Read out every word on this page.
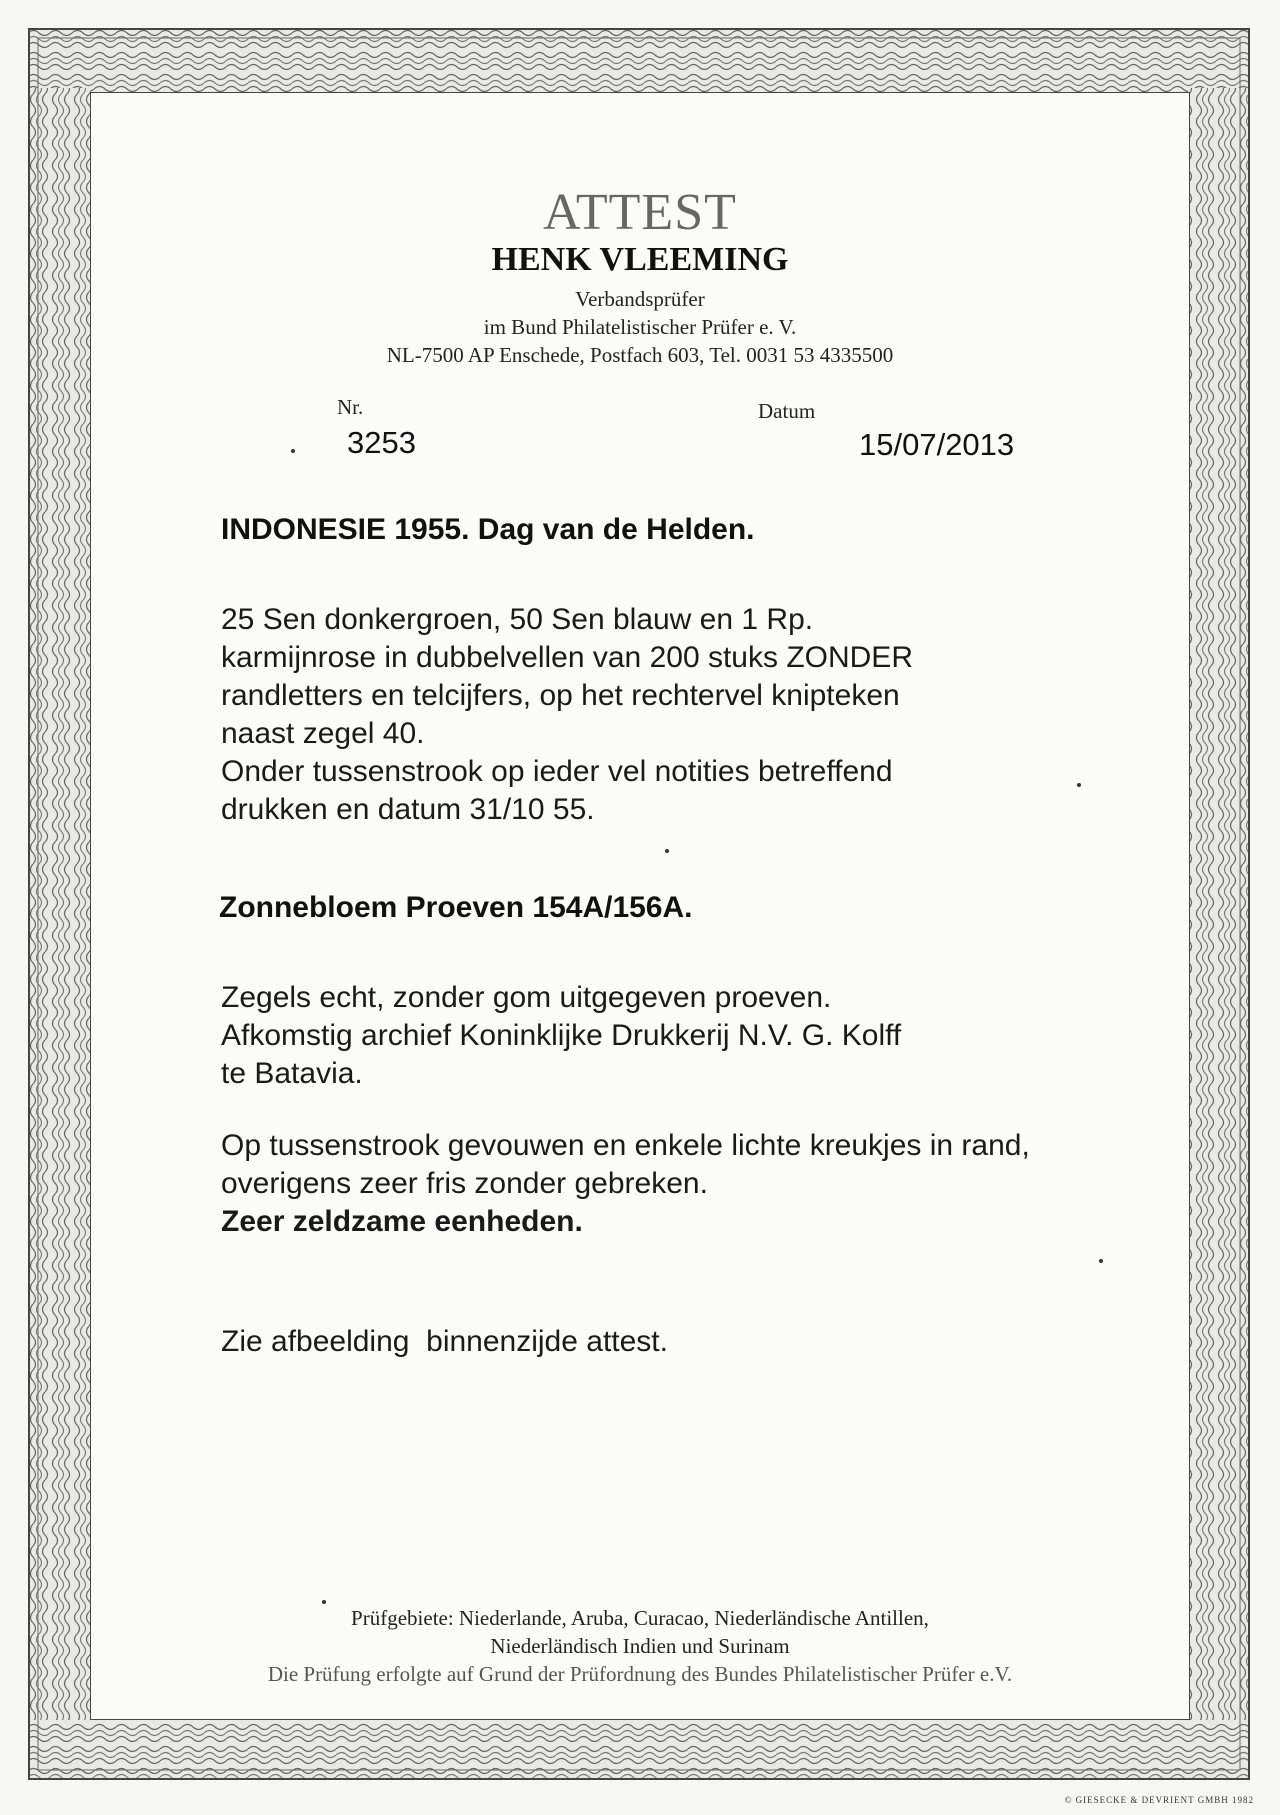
ATTEST
HENK VLEEMING
Verbandsprüfer
im Bund Philatelistischer Prüfer e. V.
NL-7500 AP Enschede, Postfach 603, Tel. 0031 53 4335500
Nr.
3253
Datum
15/07/2013
INDONESIE 1955. Dag van de Helden.
25 Sen donkergroen, 50 Sen blauw en 1 Rp.
karmijnrose in dubbelvellen van 200 stuks ZONDER
randletters en telcijfers, op het rechtervel knipteken
naast zegel 40.
Onder tussenstrook op ieder vel notities betreffend
drukken en datum 31/10 55.
Zonnebloem Proeven 154A/156A.
Zegels echt, zonder gom uitgegeven proeven.
Afkomstig archief Koninklijke Drukkerij N.V. G. Kolff
te Batavia.
Op tussenstrook gevouwen en enkele lichte kreukjes in rand,
overigens zeer fris zonder gebreken.
Zeer zeldzame eenheden.
Zie afbeelding  binnenzijde attest.
Prüfgebiete: Niederlande, Aruba, Curacao, Niederländische Antillen,
Niederländisch Indien und Surinam
Die Prüfung erfolgte auf Grund der Prüfordnung des Bundes Philatelistischer Prüfer e.V.
© GIESECKE & DEVRIENT GMBH 1982
